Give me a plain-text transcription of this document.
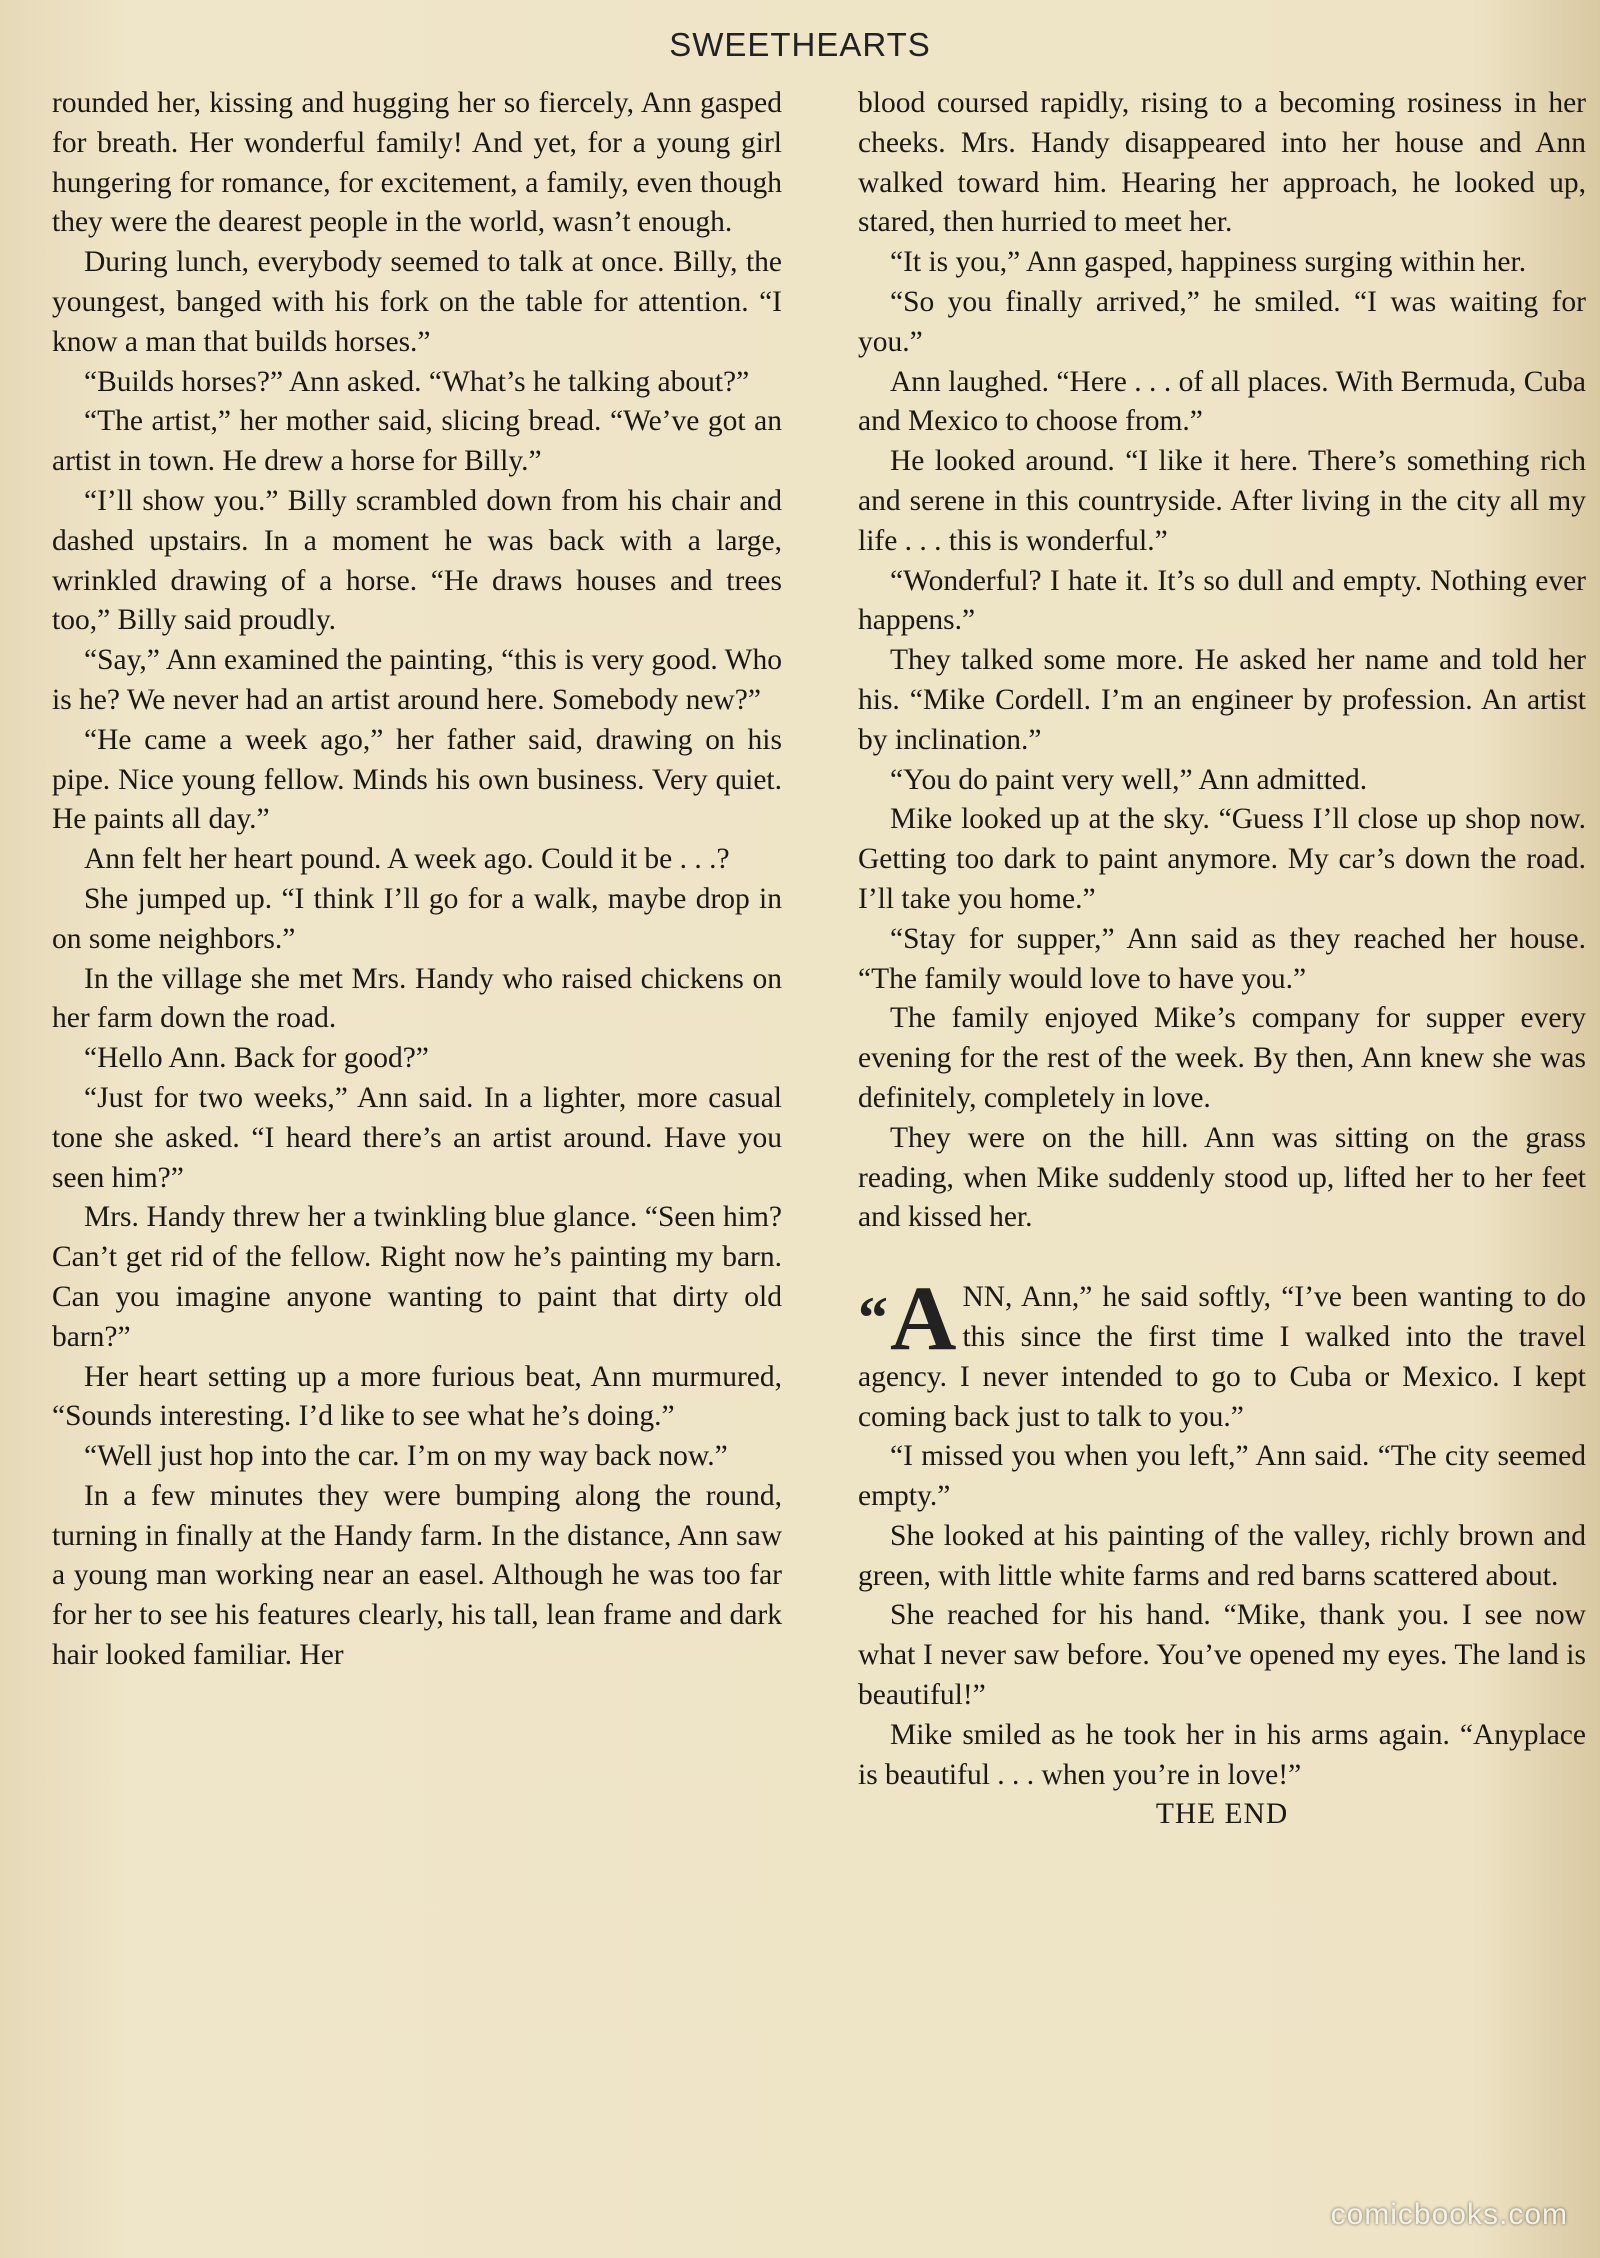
SWEETHEARTS

rounded her, kissing and hugging her so fiercely, Ann gasped for breath. Her wonderful family! And yet, for a young girl hungering for romance, for excitement, a family, even though they were the dearest people in the world, wasn’t enough.

During lunch, everybody seemed to talk at once. Billy, the youngest, banged with his fork on the table for attention. “I know a man that builds horses.”

“Builds horses?” Ann asked. “What’s he talking about?”

“The artist,” her mother said, slicing bread. “We’ve got an artist in town. He drew a horse for Billy.”

“I’ll show you.” Billy scrambled down from his chair and dashed upstairs. In a moment he was back with a large, wrinkled drawing of a horse. “He draws houses and trees too,” Billy said proudly.

“Say,” Ann examined the painting, “this is very good. Who is he? We never had an artist around here. Somebody new?”

“He came a week ago,” her father said, drawing on his pipe. Nice young fellow. Minds his own business. Very quiet. He paints all day.”

Ann felt her heart pound. A week ago. Could it be . . .?

She jumped up. “I think I’ll go for a walk, maybe drop in on some neighbors.”

In the village she met Mrs. Handy who raised chickens on her farm down the road.

“Hello Ann. Back for good?”

“Just for two weeks,” Ann said. In a lighter, more casual tone she asked. “I heard there’s an artist around. Have you seen him?”

Mrs. Handy threw her a twinkling blue glance. “Seen him? Can’t get rid of the fellow. Right now he’s painting my barn. Can you imagine anyone wanting to paint that dirty old barn?”

Her heart setting up a more furious beat, Ann murmured, “Sounds interesting. I’d like to see what he’s doing.”

“Well just hop into the car. I’m on my way back now.”

In a few minutes they were bumping along the round, turning in finally at the Handy farm. In the distance, Ann saw a young man working near an easel. Although he was too far for her to see his features clearly, his tall, lean frame and dark hair looked familiar. Her

blood coursed rapidly, rising to a becoming rosiness in her cheeks. Mrs. Handy disappeared into her house and Ann walked toward him. Hearing her approach, he looked up, stared, then hurried to meet her.

“It is you,” Ann gasped, happiness surging within her.

“So you finally arrived,” he smiled. “I was waiting for you.”

Ann laughed. “Here . . . of all places. With Bermuda, Cuba and Mexico to choose from.”

He looked around. “I like it here. There’s something rich and serene in this countryside. After living in the city all my life . . . this is wonderful.”

“Wonderful? I hate it. It’s so dull and empty. Nothing ever happens.”

They talked some more. He asked her name and told her his. “Mike Cordell. I’m an engineer by profession. An artist by inclination.”

“You do paint very well,” Ann admitted.

Mike looked up at the sky. “Guess I’ll close up shop now. Getting too dark to paint anymore. My car’s down the road. I’ll take you home.”

“Stay for supper,” Ann said as they reached her house. “The family would love to have you.”

The family enjoyed Mike’s company for supper every evening for the rest of the week. By then, Ann knew she was definitely, completely in love.

They were on the hill. Ann was sitting on the grass reading, when Mike suddenly stood up, lifted her to her feet and kissed her.

“A NN, Ann,” he said softly, “I’ve been wanting to do this since the first time I walked into the travel agency. I never intended to go to Cuba or Mexico. I kept coming back just to talk to you.”

“I missed you when you left,” Ann said. “The city seemed empty.”

She looked at his painting of the valley, richly brown and green, with little white farms and red barns scattered about.

She reached for his hand. “Mike, thank you. I see now what I never saw before. You’ve opened my eyes. The land is beautiful!”

Mike smiled as he took her in his arms again. “Anyplace is beautiful . . . when you’re in love!”

THE END

comicbooks.com
